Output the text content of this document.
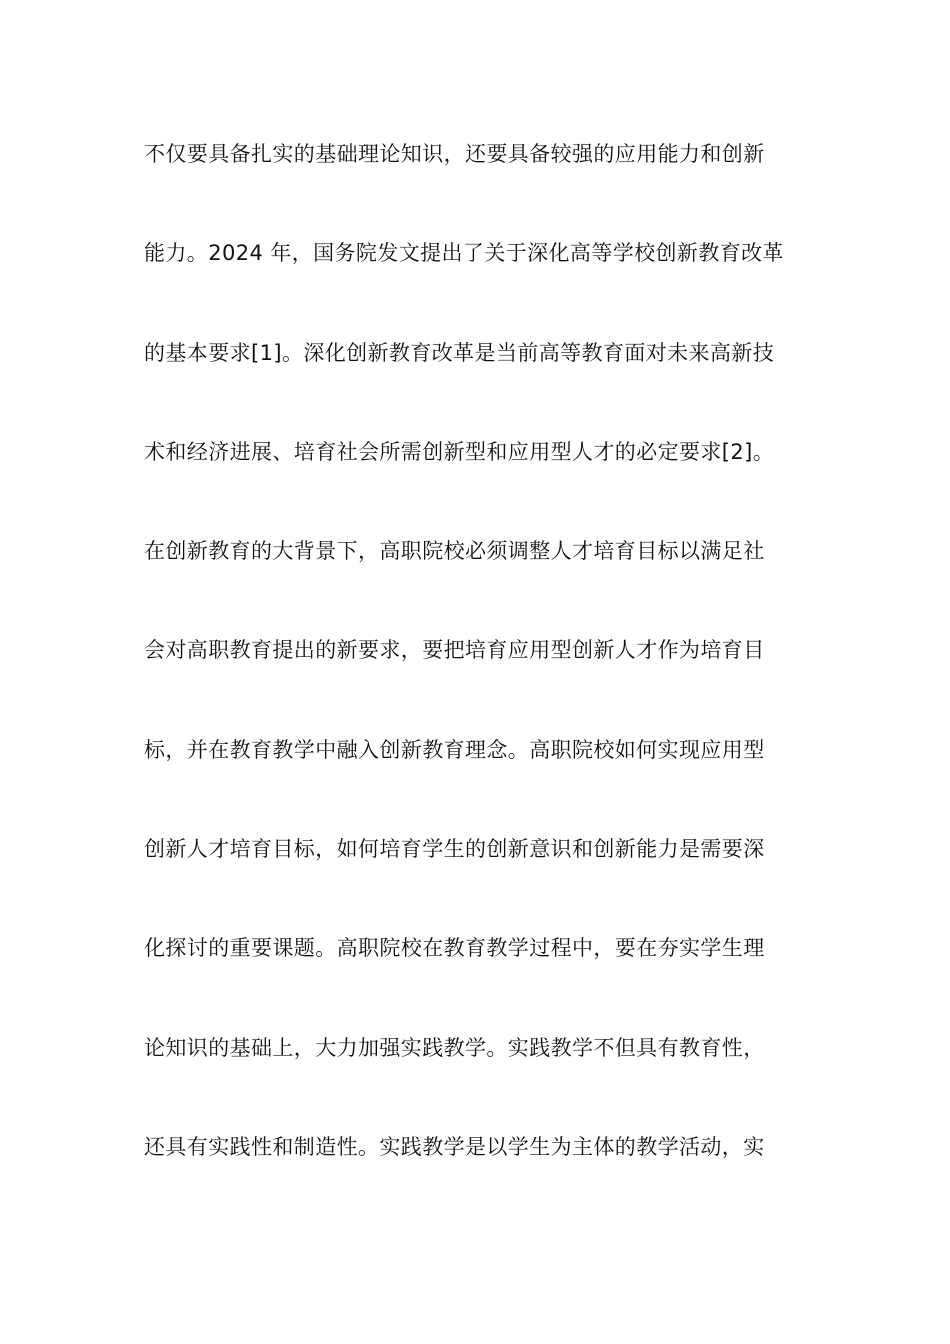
不仅要具备扎实的基础理论知识，还要具备较强的应用能力和创新
能力。2024 年，国务院发文提出了关于深化高等学校创新教育改革
的基本要求[1]。深化创新教育改革是当前高等教育面对未来高新技
术和经济进展、培育社会所需创新型和应用型人才的必定要求[2]。
在创新教育的大背景下，高职院校必须调整人才培育目标以满足社
会对高职教育提出的新要求，要把培育应用型创新人才作为培育目
标，并在教育教学中融入创新教育理念。高职院校如何实现应用型
创新人才培育目标，如何培育学生的创新意识和创新能力是需要深
化探讨的重要课题。高职院校在教育教学过程中，要在夯实学生理
论知识的基础上，大力加强实践教学。实践教学不但具有教育性，
还具有实践性和制造性。实践教学是以学生为主体的教学活动，实
